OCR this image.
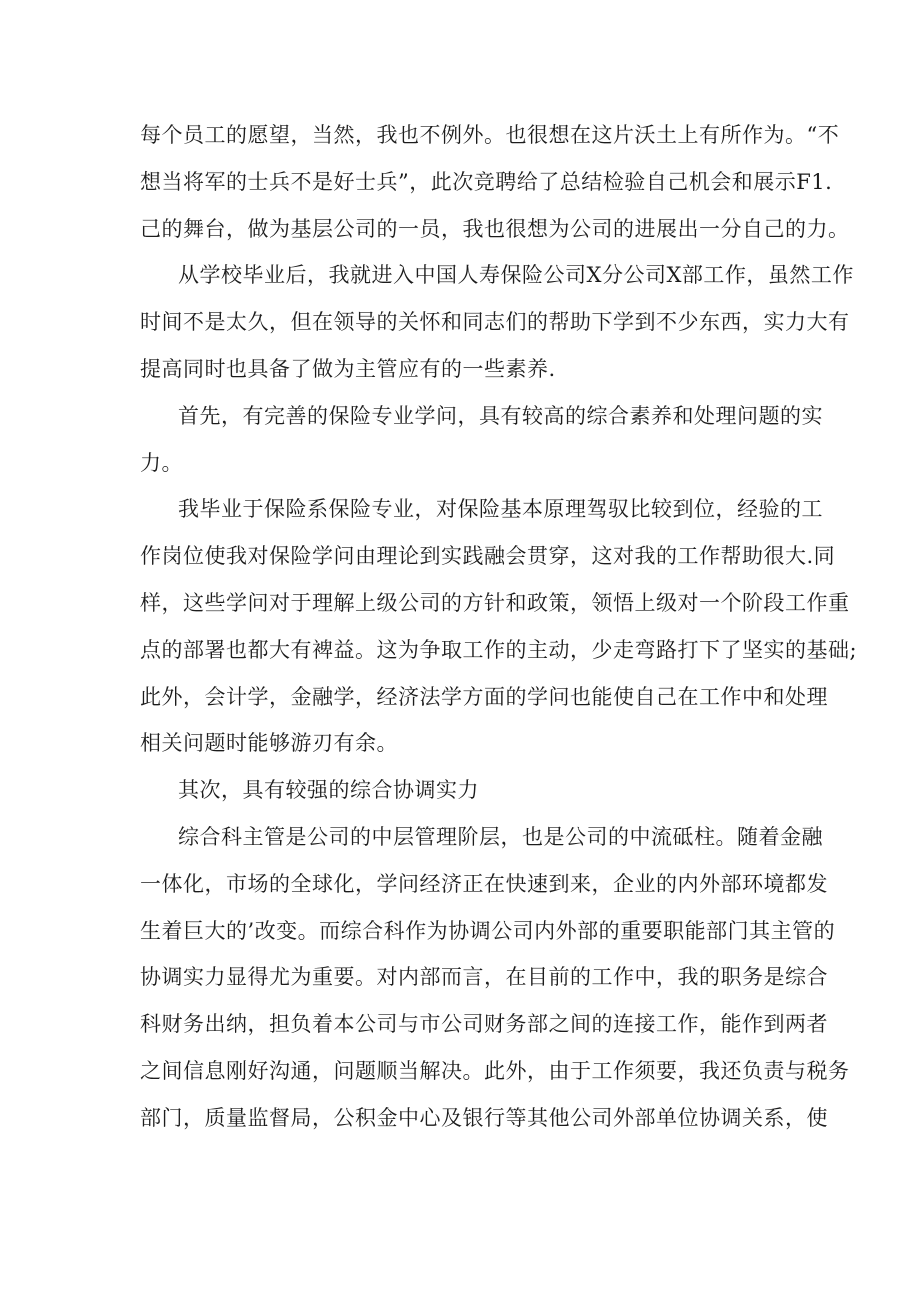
每个员工的愿望，当然，我也不例外。也很想在这片沃土上有所作为。“不
想当将军的士兵不是好士兵”，此次竞聘给了总结检验自己机会和展示F1.
己的舞台，做为基层公司的一员，我也很想为公司的进展出一分自己的力。
从学校毕业后，我就进入中国人寿保险公司X分公司X部工作，虽然工作
时间不是太久，但在领导的关怀和同志们的帮助下学到不少东西，实力大有
提高同时也具备了做为主管应有的一些素养.
首先，有完善的保险专业学问，具有较高的综合素养和处理问题的实
力。
我毕业于保险系保险专业，对保险基本原理驾驭比较到位，经验的工
作岗位使我对保险学问由理论到实践融会贯穿，这对我的工作帮助很大.同
样，这些学问对于理解上级公司的方针和政策，领悟上级对一个阶段工作重
点的部署也都大有裨益。这为争取工作的主动，少走弯路打下了坚实的基础;
此外，会计学，金融学，经济法学方面的学问也能使自己在工作中和处理
相关问题时能够游刃有余。
其次，具有较强的综合协调实力
综合科主管是公司的中层管理阶层，也是公司的中流砥柱。随着金融
一体化，市场的全球化，学问经济正在快速到来，企业的内外部环境都发
生着巨大的’改变。而综合科作为协调公司内外部的重要职能部门其主管的
协调实力显得尤为重要。对内部而言，在目前的工作中，我的职务是综合
科财务出纳，担负着本公司与市公司财务部之间的连接工作，能作到两者
之间信息刚好沟通，问题顺当解决。此外，由于工作须要，我还负责与税务
部门，质量监督局，公积金中心及银行等其他公司外部单位协调关系，使
